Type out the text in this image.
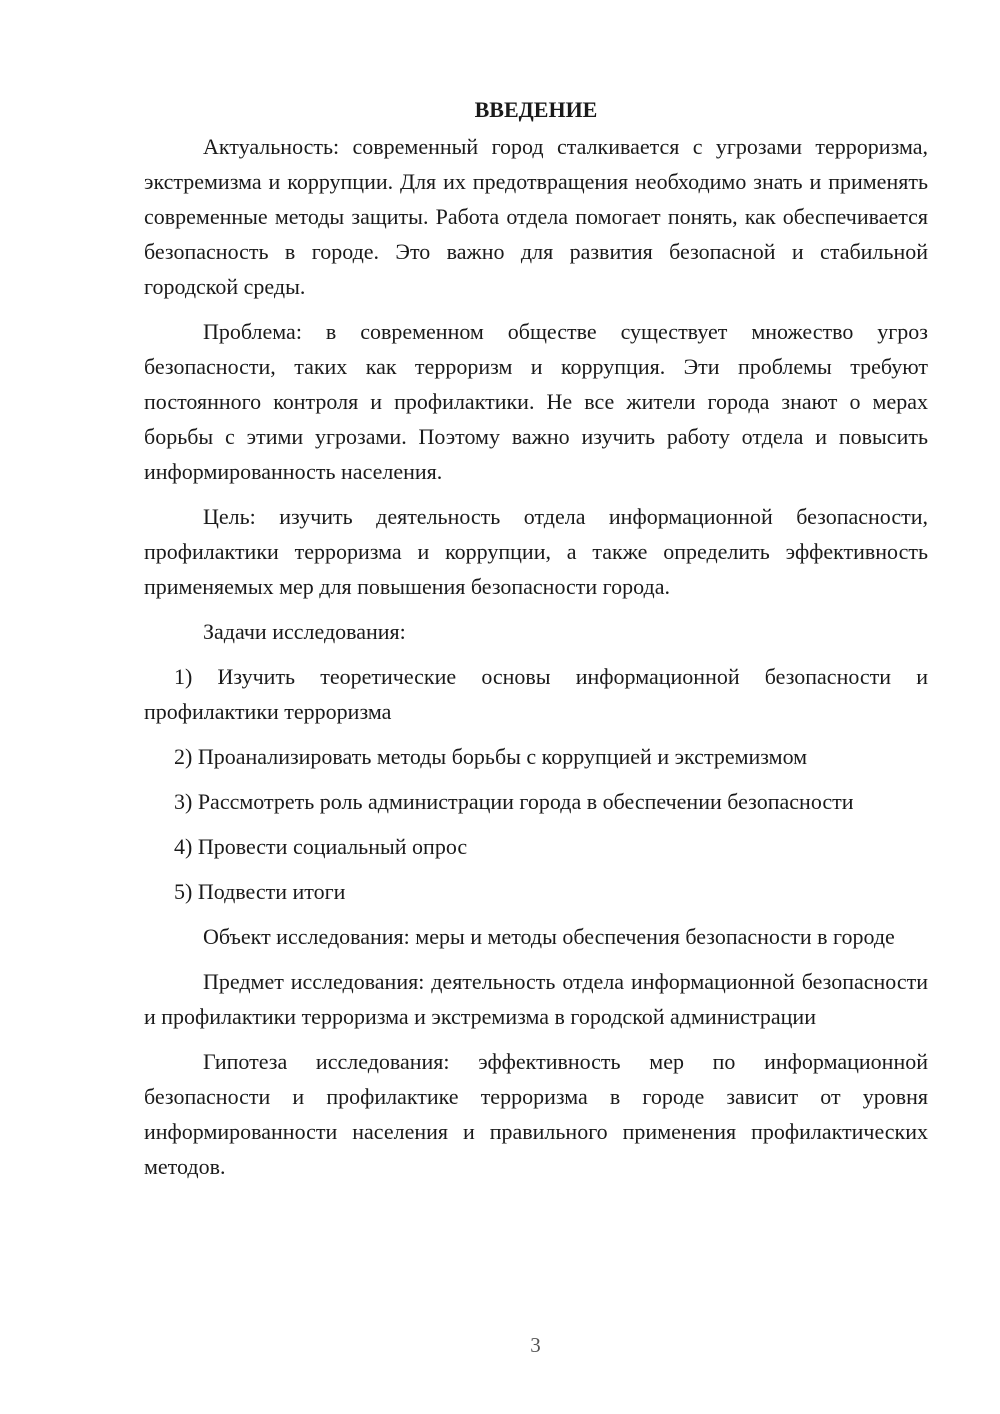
ВВЕДЕНИЕ

Актуальность: современный город сталкивается с угрозами терроризма, экстремизма и коррупции. Для их предотвращения необходимо знать и применять современные методы защиты. Работа отдела помогает понять, как обеспечивается безопасность в городе. Это важно для развития безопасной и стабильной городской среды.

Проблема: в современном обществе существует множество угроз безопасности, таких как терроризм и коррупция. Эти проблемы требуют постоянного контроля и профилактики. Не все жители города знают о мерах борьбы с этими угрозами. Поэтому важно изучить работу отдела и повысить информированность населения.

Цель: изучить деятельность отдела информационной безопасности, профилактики терроризма и коррупции, а также определить эффективность применяемых мер для повышения безопасности города.

Задачи исследования:

1) Изучить теоретические основы информационной безопасности и профилактики терроризма

2) Проанализировать методы борьбы с коррупцией и экстремизмом

3) Рассмотреть роль администрации города в обеспечении безопасности

4) Провести социальный опрос

5) Подвести итоги

Объект исследования: меры и методы обеспечения безопасности в городе

Предмет исследования: деятельность отдела информационной безопасности и профилактики терроризма и экстремизма в городской администрации

Гипотеза исследования: эффективность мер по информационной безопасности и профилактике терроризма в городе зависит от уровня информированности населения и правильного применения профилактических методов.

3
